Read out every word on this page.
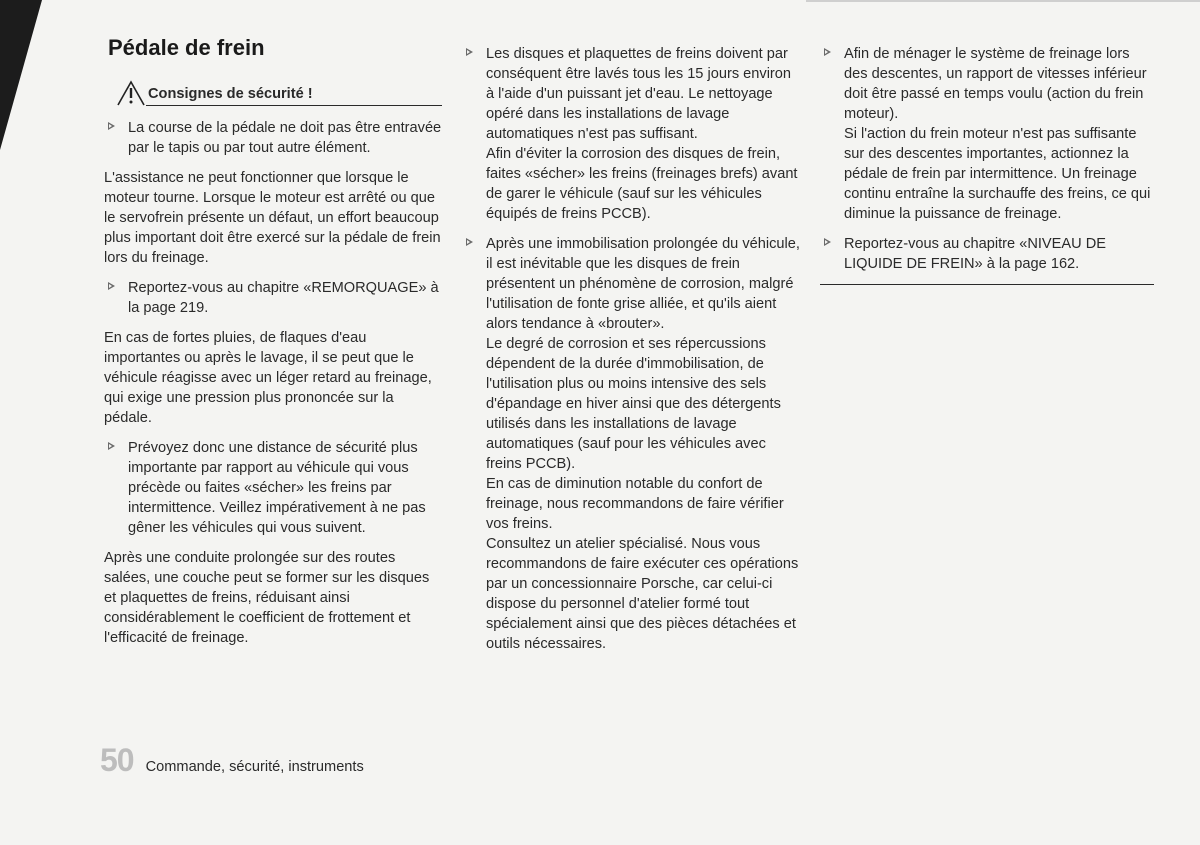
Pédale de frein
Consignes de sécurité !

La course de la pédale ne doit pas être entravée par le tapis ou par tout autre élément.

L'assistance ne peut fonctionner que lorsque le moteur tourne. Lorsque le moteur est arrêté ou que le servofrein présente un défaut, un effort beaucoup plus important doit être exercé sur la pédale de frein lors du freinage.

Reportez-vous au chapitre «REMORQUAGE» à la page 219.

En cas de fortes pluies, de flaques d'eau importantes ou après le lavage, il se peut que le véhicule réagisse avec un léger retard au freinage, qui exige une pression plus prononcée sur la pédale.

Prévoyez donc une distance de sécurité plus importante par rapport au véhicule qui vous précède ou faites «sécher» les freins par intermittence. Veillez impérativement à ne pas gêner les véhicules qui vous suivent.

Après une conduite prolongée sur des routes salées, une couche peut se former sur les disques et plaquettes de freins, réduisant ainsi considérablement le coefficient de frottement et l'efficacité de freinage.

Les disques et plaquettes de freins doivent par conséquent être lavés tous les 15 jours environ à l'aide d'un puissant jet d'eau. Le nettoyage opéré dans les installations de lavage automatiques n'est pas suffisant.

Afin d'éviter la corrosion des disques de frein, faites «sécher» les freins (freinages brefs) avant de garer le véhicule (sauf sur les véhicules équipés de freins PCCB).

Après une immobilisation prolongée du véhicule, il est inévitable que les disques de frein présentent un phénomène de corrosion, malgré l'utilisation de fonte grise alliée, et qu'ils aient alors tendance à «brouter».

Le degré de corrosion et ses répercussions dépendent de la durée d'immobilisation, de l'utilisation plus ou moins intensive des sels d'épandage en hiver ainsi que des détergents utilisés dans les installations de lavage automatiques (sauf pour les véhicules avec freins PCCB).

En cas de diminution notable du confort de freinage, nous recommandons de faire vérifier vos freins.

Consultez un atelier spécialisé. Nous vous recommandons de faire exécuter ces opérations par un concessionnaire Porsche, car celui-ci dispose du personnel d'atelier formé tout spécialement ainsi que des pièces détachées et outils nécessaires.

Afin de ménager le système de freinage lors des descentes, un rapport de vitesses inférieur doit être passé en temps voulu (action du frein moteur).

Si l'action du frein moteur n'est pas suffisante sur des descentes importantes, actionnez la pédale de frein par intermittence. Un freinage continu entraîne la surchauffe des freins, ce qui diminue la puissance de freinage.

Reportez-vous au chapitre «NIVEAU DE LIQUIDE DE FREIN» à la page 162.

50 Commande, sécurité, instruments
